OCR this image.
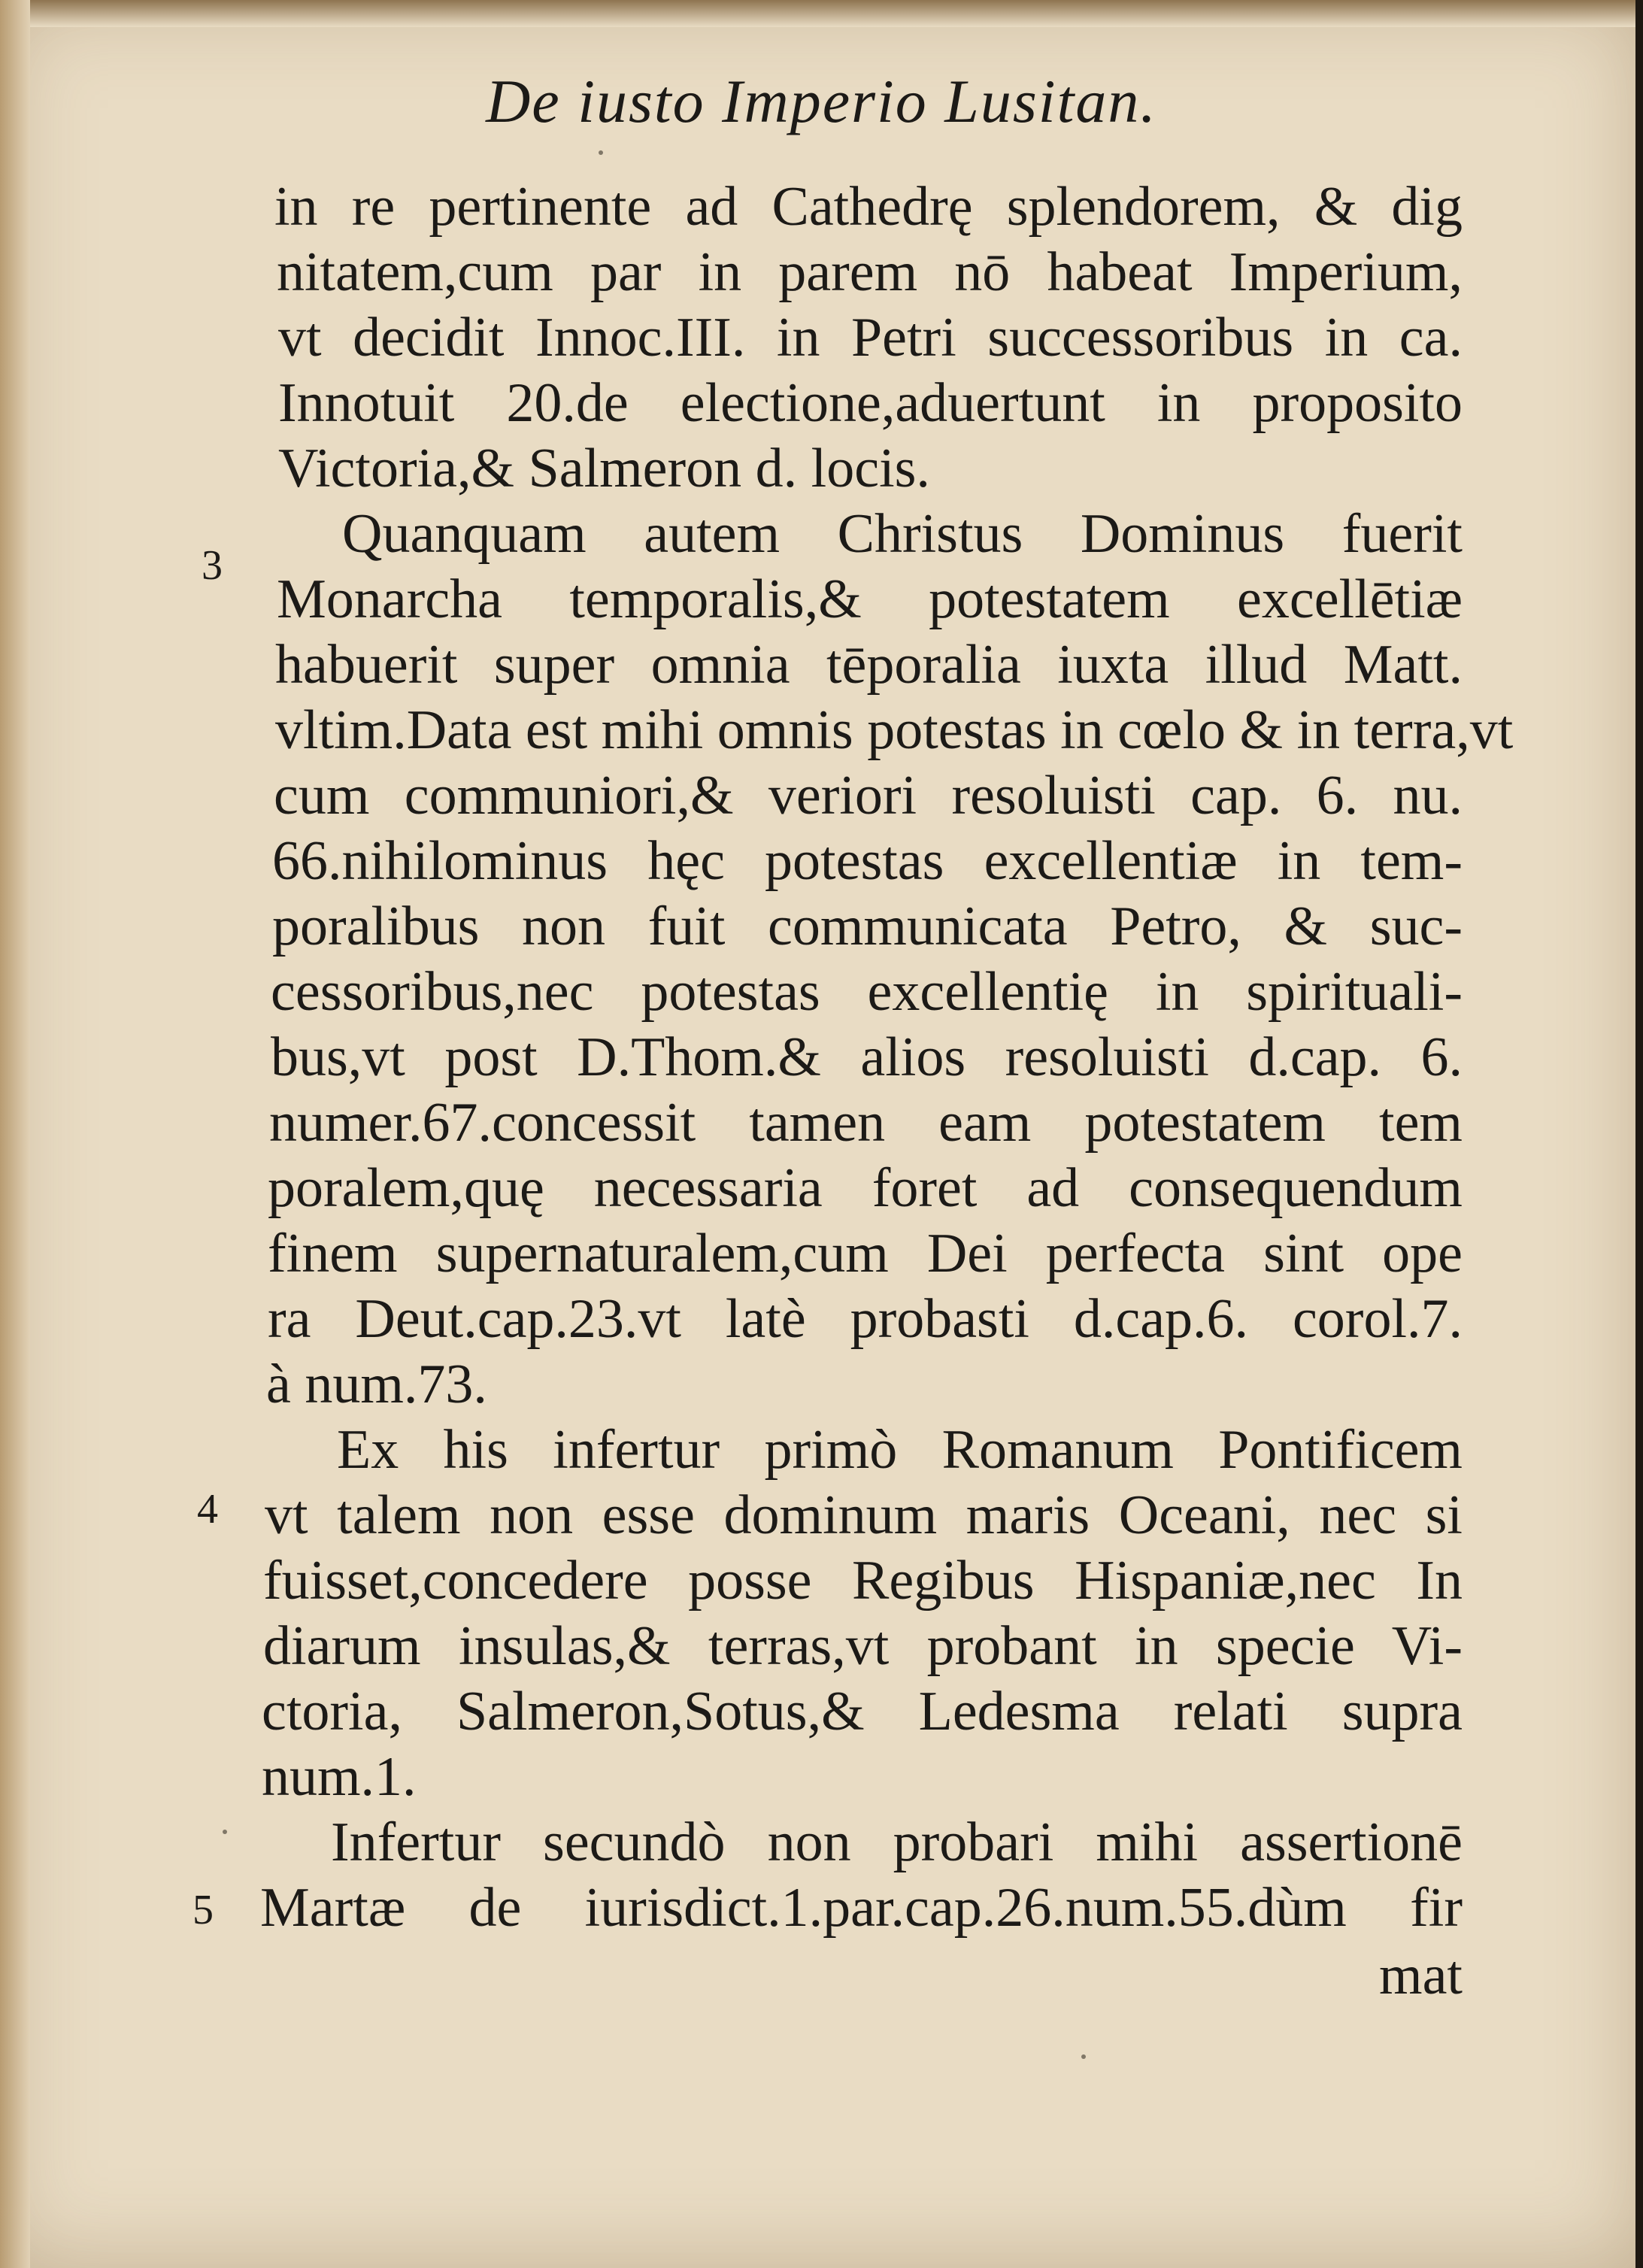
De iusto Imperio Lusitan.
3
4
5
in re pertinente ad Cathedrę splendorem, & dig
nitatem,cum par in parem nō habeat Imperium,
vt decidit Innoc.III. in Petri successoribus in ca.
Innotuit 20.de electione,aduertunt in proposito
Victoria,& Salmeron d. locis.
Quanquam autem Christus Dominus fuerit
Monarcha temporalis,& potestatem excellētiæ
habuerit super omnia tēporalia iuxta illud Matt.
vltim.Data est mihi omnis potestas in cœlo & in terra,vt
cum communiori,& veriori resoluisti cap. 6. nu.
66.nihilominus hęc potestas excellentiæ in tem-
poralibus non fuit communicata Petro, & suc-
cessoribus,nec potestas excellentię in spirituali-
bus,vt post D.Thom.& alios resoluisti d.cap. 6.
numer.67.concessit tamen eam potestatem tem
poralem,quę necessaria foret ad consequendum
finem supernaturalem,cum Dei perfecta sint ope
ra Deut.cap.23.vt latè probasti d.cap.6. corol.7.
à num.73.
Ex his infertur primò Romanum Pontificem
vt talem non esse dominum maris Oceani, nec si
fuisset,concedere posse Regibus Hispaniæ,nec In
diarum insulas,& terras,vt probant in specie Vi-
ctoria, Salmeron,Sotus,& Ledesma relati supra
num.1.
Infertur secundò non probari mihi assertionē
Martæ de iurisdict.1.par.cap.26.num.55.dùm fir
mat
